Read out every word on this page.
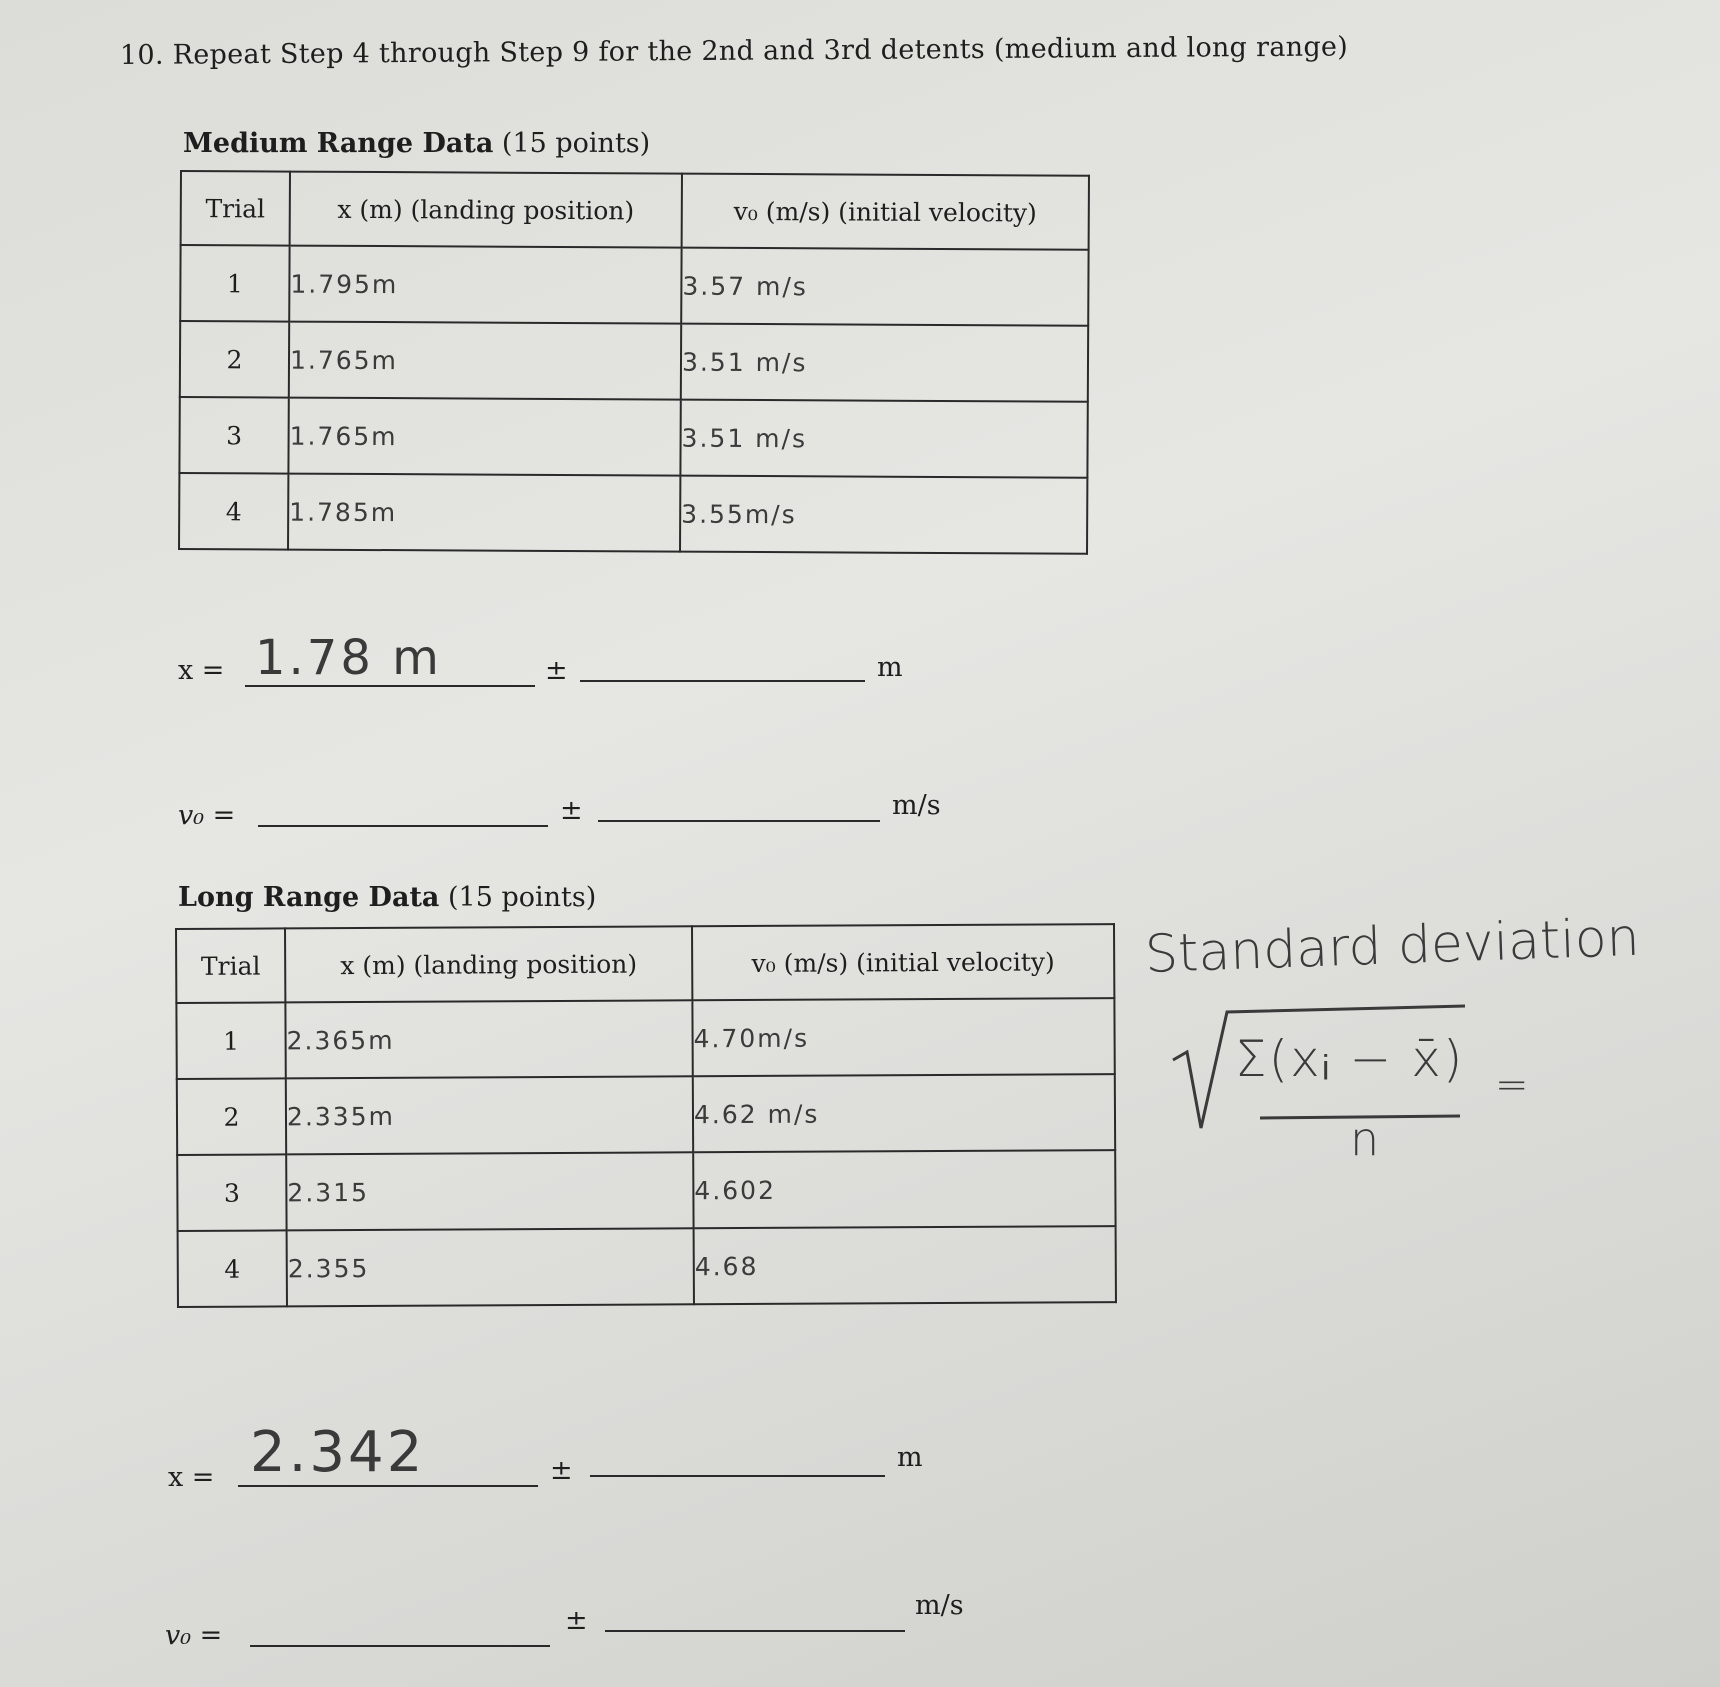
10. Repeat Step 4 through Step 9 for the 2nd and 3rd detents (medium and long range)
Medium Range Data (15 points)
Trial	x (m) (landing position)	v₀ (m/s) (initial velocity)
1	1.795m	3.57 m/s
2	1.765m	3.51 m/s
3	1.765m	3.51 m/s
4	1.785m	3.55m/s
x = 1.78 m	±	m
v₀ =	±	m/s
Long Range Data (15 points)
Trial	x (m) (landing position)	v₀ (m/s) (initial velocity)
1	2.365m	4.70m/s
2	2.335m	4.62 m/s
3	2.315	4.602
4	2.355	4.68
x = 2.342	±	m
v₀ =	±	m/s
Standard deviation
Σ(xᵢ − x̄)
n
=
